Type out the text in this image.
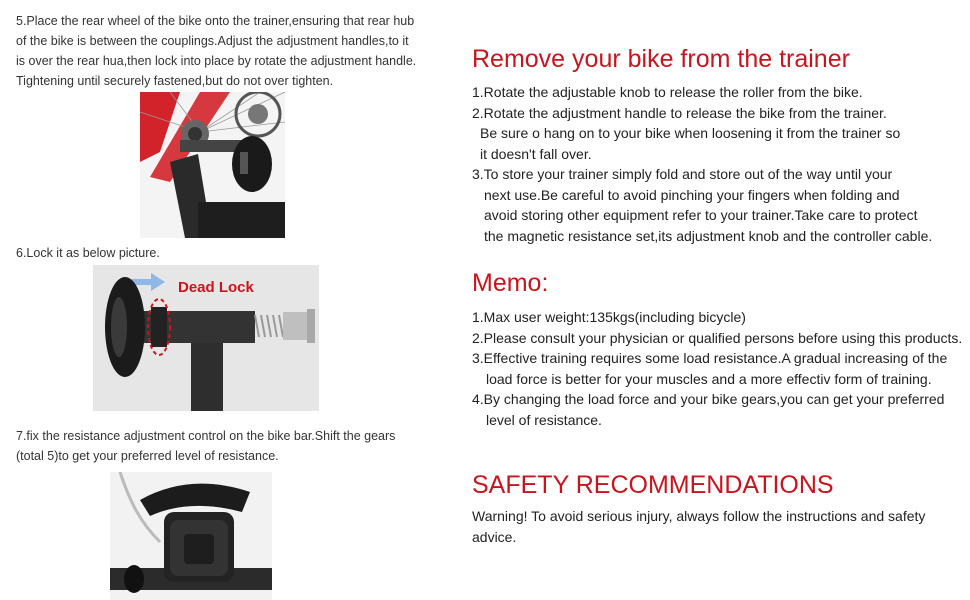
5.Place the rear wheel of the bike onto the trainer,ensuring that rear hub
of the bike is between the couplings.Adjust the adjustment handles,to it
is over the rear hua,then lock into place by rotate the adjustment handle.
Tightening until securely fastened,but do not over tighten.
6.Lock it as below picture.
Dead Lock
7.fix the resistance adjustment control on the bike bar.Shift the gears
(total 5)to get your preferred level of resistance.
Remove your bike from the trainer
1.Rotate the adjustable knob to release the roller from the bike.
2.Rotate the adjustment handle to release the bike from the trainer.
Be sure o hang on to your bike when loosening it from the trainer so
it doesn't fall over.
3.To store your trainer simply fold and store out of the way until your
next use.Be careful to avoid pinching your fingers when folding and
avoid storing other equipment refer to your trainer.Take care to protect
the magnetic resistance set,its adjustment knob and the controller cable.
Memo:
1.Max user weight:135kgs(including bicycle)
2.Please consult your physician or qualified persons before using this products.
3.Effective training requires some load resistance.A gradual increasing of the
load force is better for your muscles and a more effectiv form of training.
4.By changing the load force and your bike gears,you can get your preferred
level of resistance.
SAFETY RECOMMENDATIONS
Warning! To avoid serious injury, always follow the instructions and safety
advice.
